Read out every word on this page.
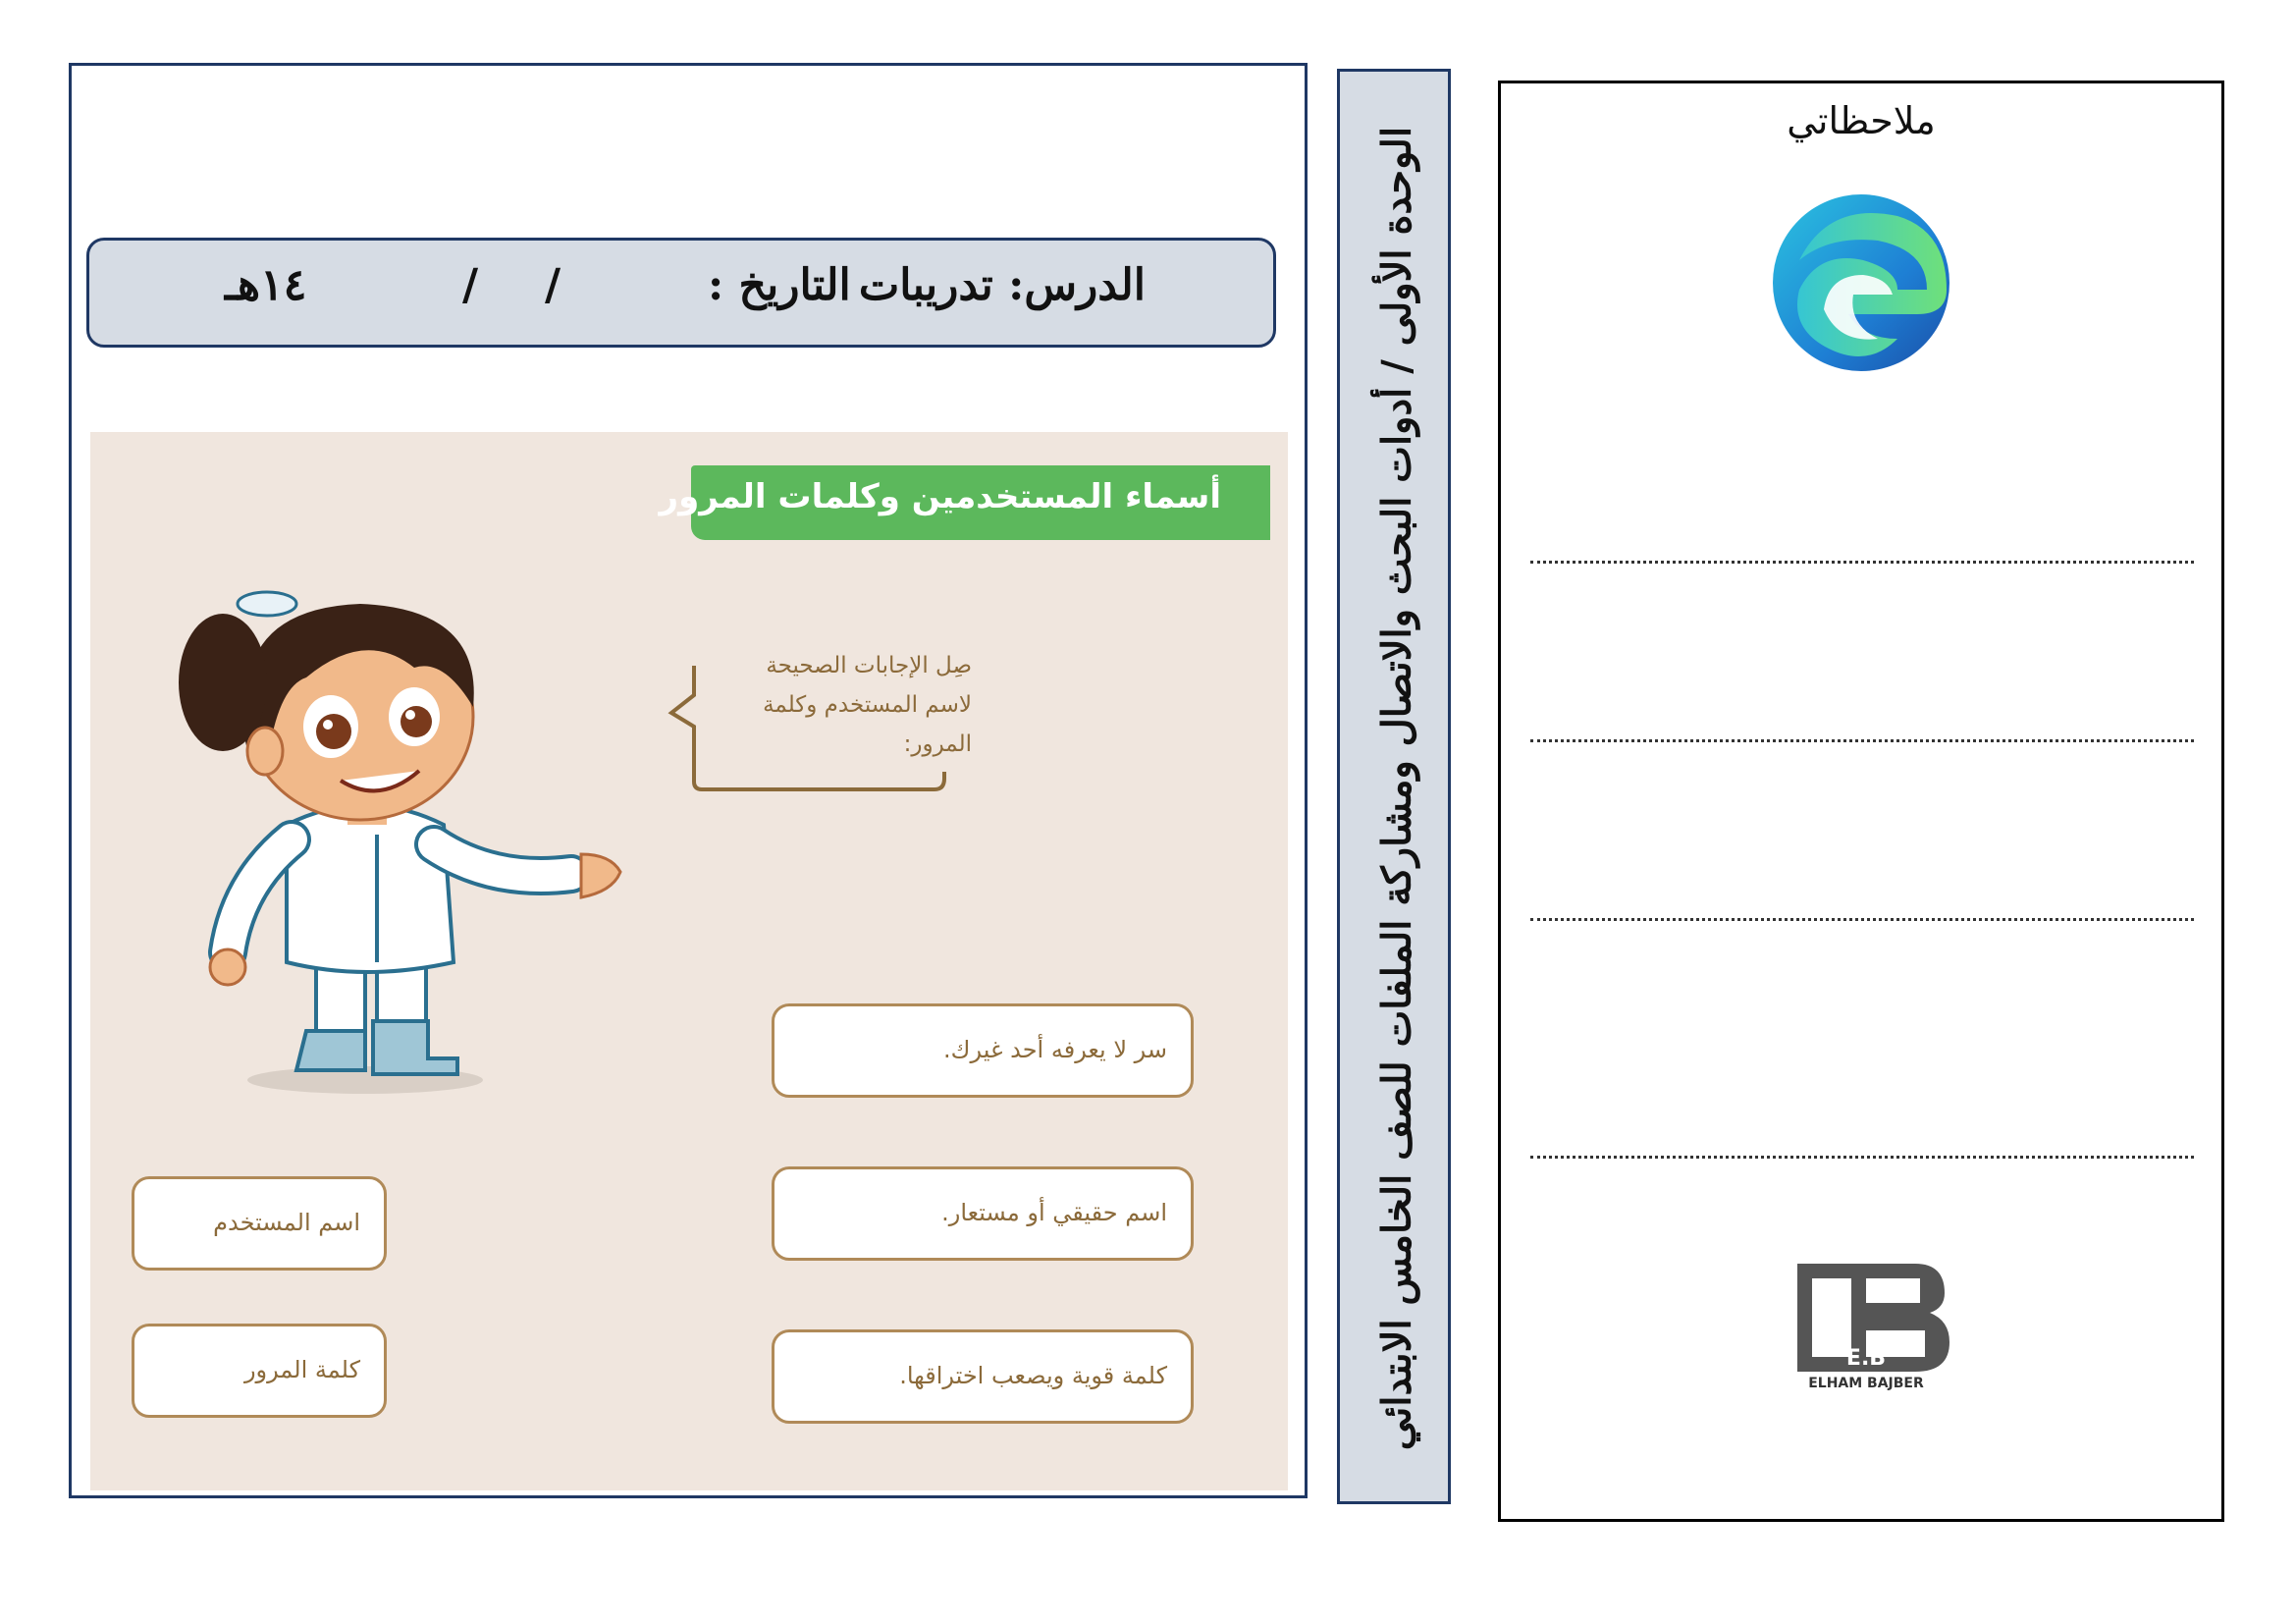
الدرس: تدريبات
التاريخ :
/
/
١٤هـ
أسماء المستخدمين وكلمات المرور
صِل الإجابات الصحيحة لاسم المستخدم وكلمة المرور:
سر لا يعرفه أحد غيرك.
اسم حقيقي أو مستعار.
كلمة قوية ويصعب اختراقها.
اسم المستخدم
كلمة المرور	الوحدة الأولى / أدوات البحث والاتصال ومشاركة الملفات للصف الخامس الابتدائي
ملاحظاتي
E.B
ELHAM BAJBER
